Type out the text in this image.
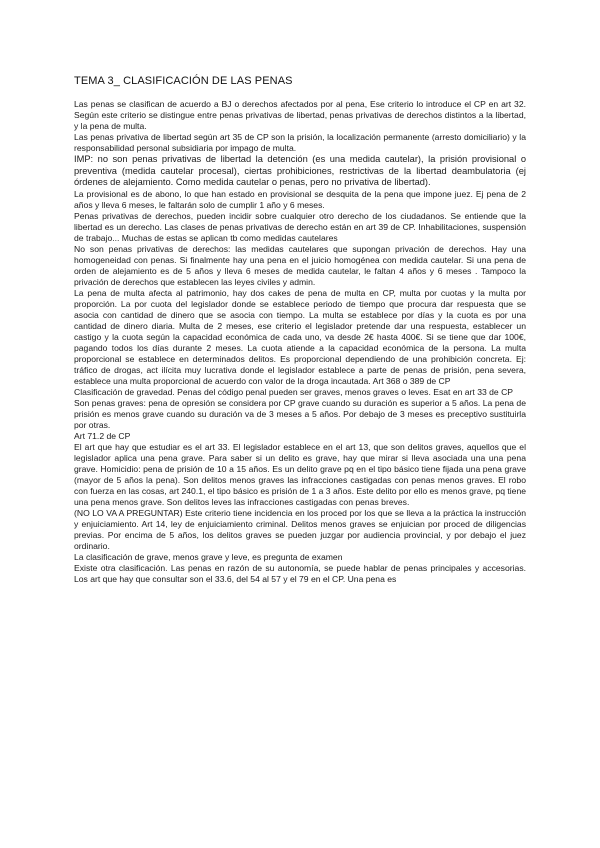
TEMA 3_ CLASIFICACIÓN DE LAS PENAS

Las penas se clasifican de acuerdo a BJ o derechos afectados por al pena, Ese criterio lo introduce el CP en art 32. Según este criterio se distingue entre penas privativas de libertad, penas privativas de derechos distintos a la libertad, y la pena de multa.

Las penas privativa de libertad según art 35 de CP son la prisión, la localización permanente (arresto domiciliario) y la responsabilidad personal subsidiaria por impago de multa.

IMP: no son penas privativas de libertad la detención (es una medida cautelar), la prisión provisional o preventiva (medida cautelar procesal), ciertas prohibiciones, restrictivas de la libertad deambulatoria (ej órdenes de alejamiento. Como medida cautelar o penas, pero no privativa de libertad).

La provisional es de abono, lo que han estado en provisional se desquita de la pena que impone juez. Ej pena de 2 años y lleva 6 meses, le faltarán solo de cumplir 1 año y 6 meses.

Penas privativas de derechos, pueden incidir sobre cualquier otro derecho de los ciudadanos. Se entiende que la libertad es un derecho. Las clases de penas privativas de derecho están en art 39 de CP. Inhabilitaciones, suspensión de trabajo... Muchas de estas se aplican tb como medidas cautelares

No son penas privativas de derechos: las medidas cautelares que supongan privación de derechos. Hay una homogeneidad con penas. Si finalmente hay una pena en el juicio homogénea con medida cautelar. Si una pena de orden de alejamiento es de 5 años y lleva 6 meses de medida cautelar, le faltan 4 años y 6 meses . Tampoco la privación de derechos que establecen las leyes civiles y admin.

La pena de multa afecta al patrimonio, hay dos cakes de pena de multa en CP, multa por cuotas y la multa por proporción. La por cuota del legislador donde se establece periodo de tiempo que procura dar respuesta que se asocia con cantidad de dinero que se asocia con tiempo. La multa se establece por días y la cuota es por una cantidad de dinero diaria. Multa de 2 meses, ese criterio el legislador pretende dar una respuesta, establecer un castigo y la cuota según la capacidad económica de cada uno, va desde 2€ hasta 400€. Si se tiene que dar 100€, pagando todos los días durante 2 meses. La cuota atiende a la capacidad económica de la persona. La multa proporcional se establece en determinados delitos. Es proporcional dependiendo de una prohibición concreta. Ej: tráfico de drogas, act ilícita muy lucrativa donde el legislador establece a parte de penas de prisión, pena severa, establece una multa proporcional de acuerdo con valor de la droga incautada. Art 368 o 389 de CP

Clasificación de gravedad. Penas del código penal pueden ser graves, menos graves o leves. Esat en art 33 de CP

Son penas graves: pena de opresión se considera por CP grave cuando su duración es superior a 5 años. La pena de prisión es menos grave cuando su duración va de 3 meses a 5 años. Por debajo de 3 meses es preceptivo sustituirla por otras.

Art 71.2 de CP

El art que hay que estudiar es el art 33. El legislador establece en el art 13, que son delitos graves, aquellos que el legislador aplica una pena grave. Para saber si un delito es grave, hay que mirar si lleva asociada una una pena grave. Homicidio: pena de prisión de 10 a 15 años. Es un delito grave pq en el tipo básico tiene fijada una pena grave (mayor de 5 años la pena). Son delitos menos graves las infracciones castigadas con penas menos graves. El robo con fuerza en las cosas, art 240.1, el tipo básico es prisión de 1 a 3 años. Este delito por ello es menos grave, pq tiene una pena menos grave. Son delitos leves las infracciones castigadas con penas breves.

(NO LO VA A PREGUNTAR) Este criterio tiene incidencia en los proced por los que se lleva a la práctica la instrucción y enjuiciamiento. Art 14, ley de enjuiciamiento criminal. Delitos menos graves se enjuician por proced de diligencias previas. Por encima de 5 años, los delitos graves se pueden juzgar por audiencia provincial, y por debajo el juez ordinario.

La clasificación de grave, menos grave y leve, es pregunta de examen

Existe otra clasificación. Las penas en razón de su autonomía, se puede hablar de penas principales y accesorias. Los art que hay que consultar son el 33.6, del 54 al 57 y el 79 en el CP. Una pena es
